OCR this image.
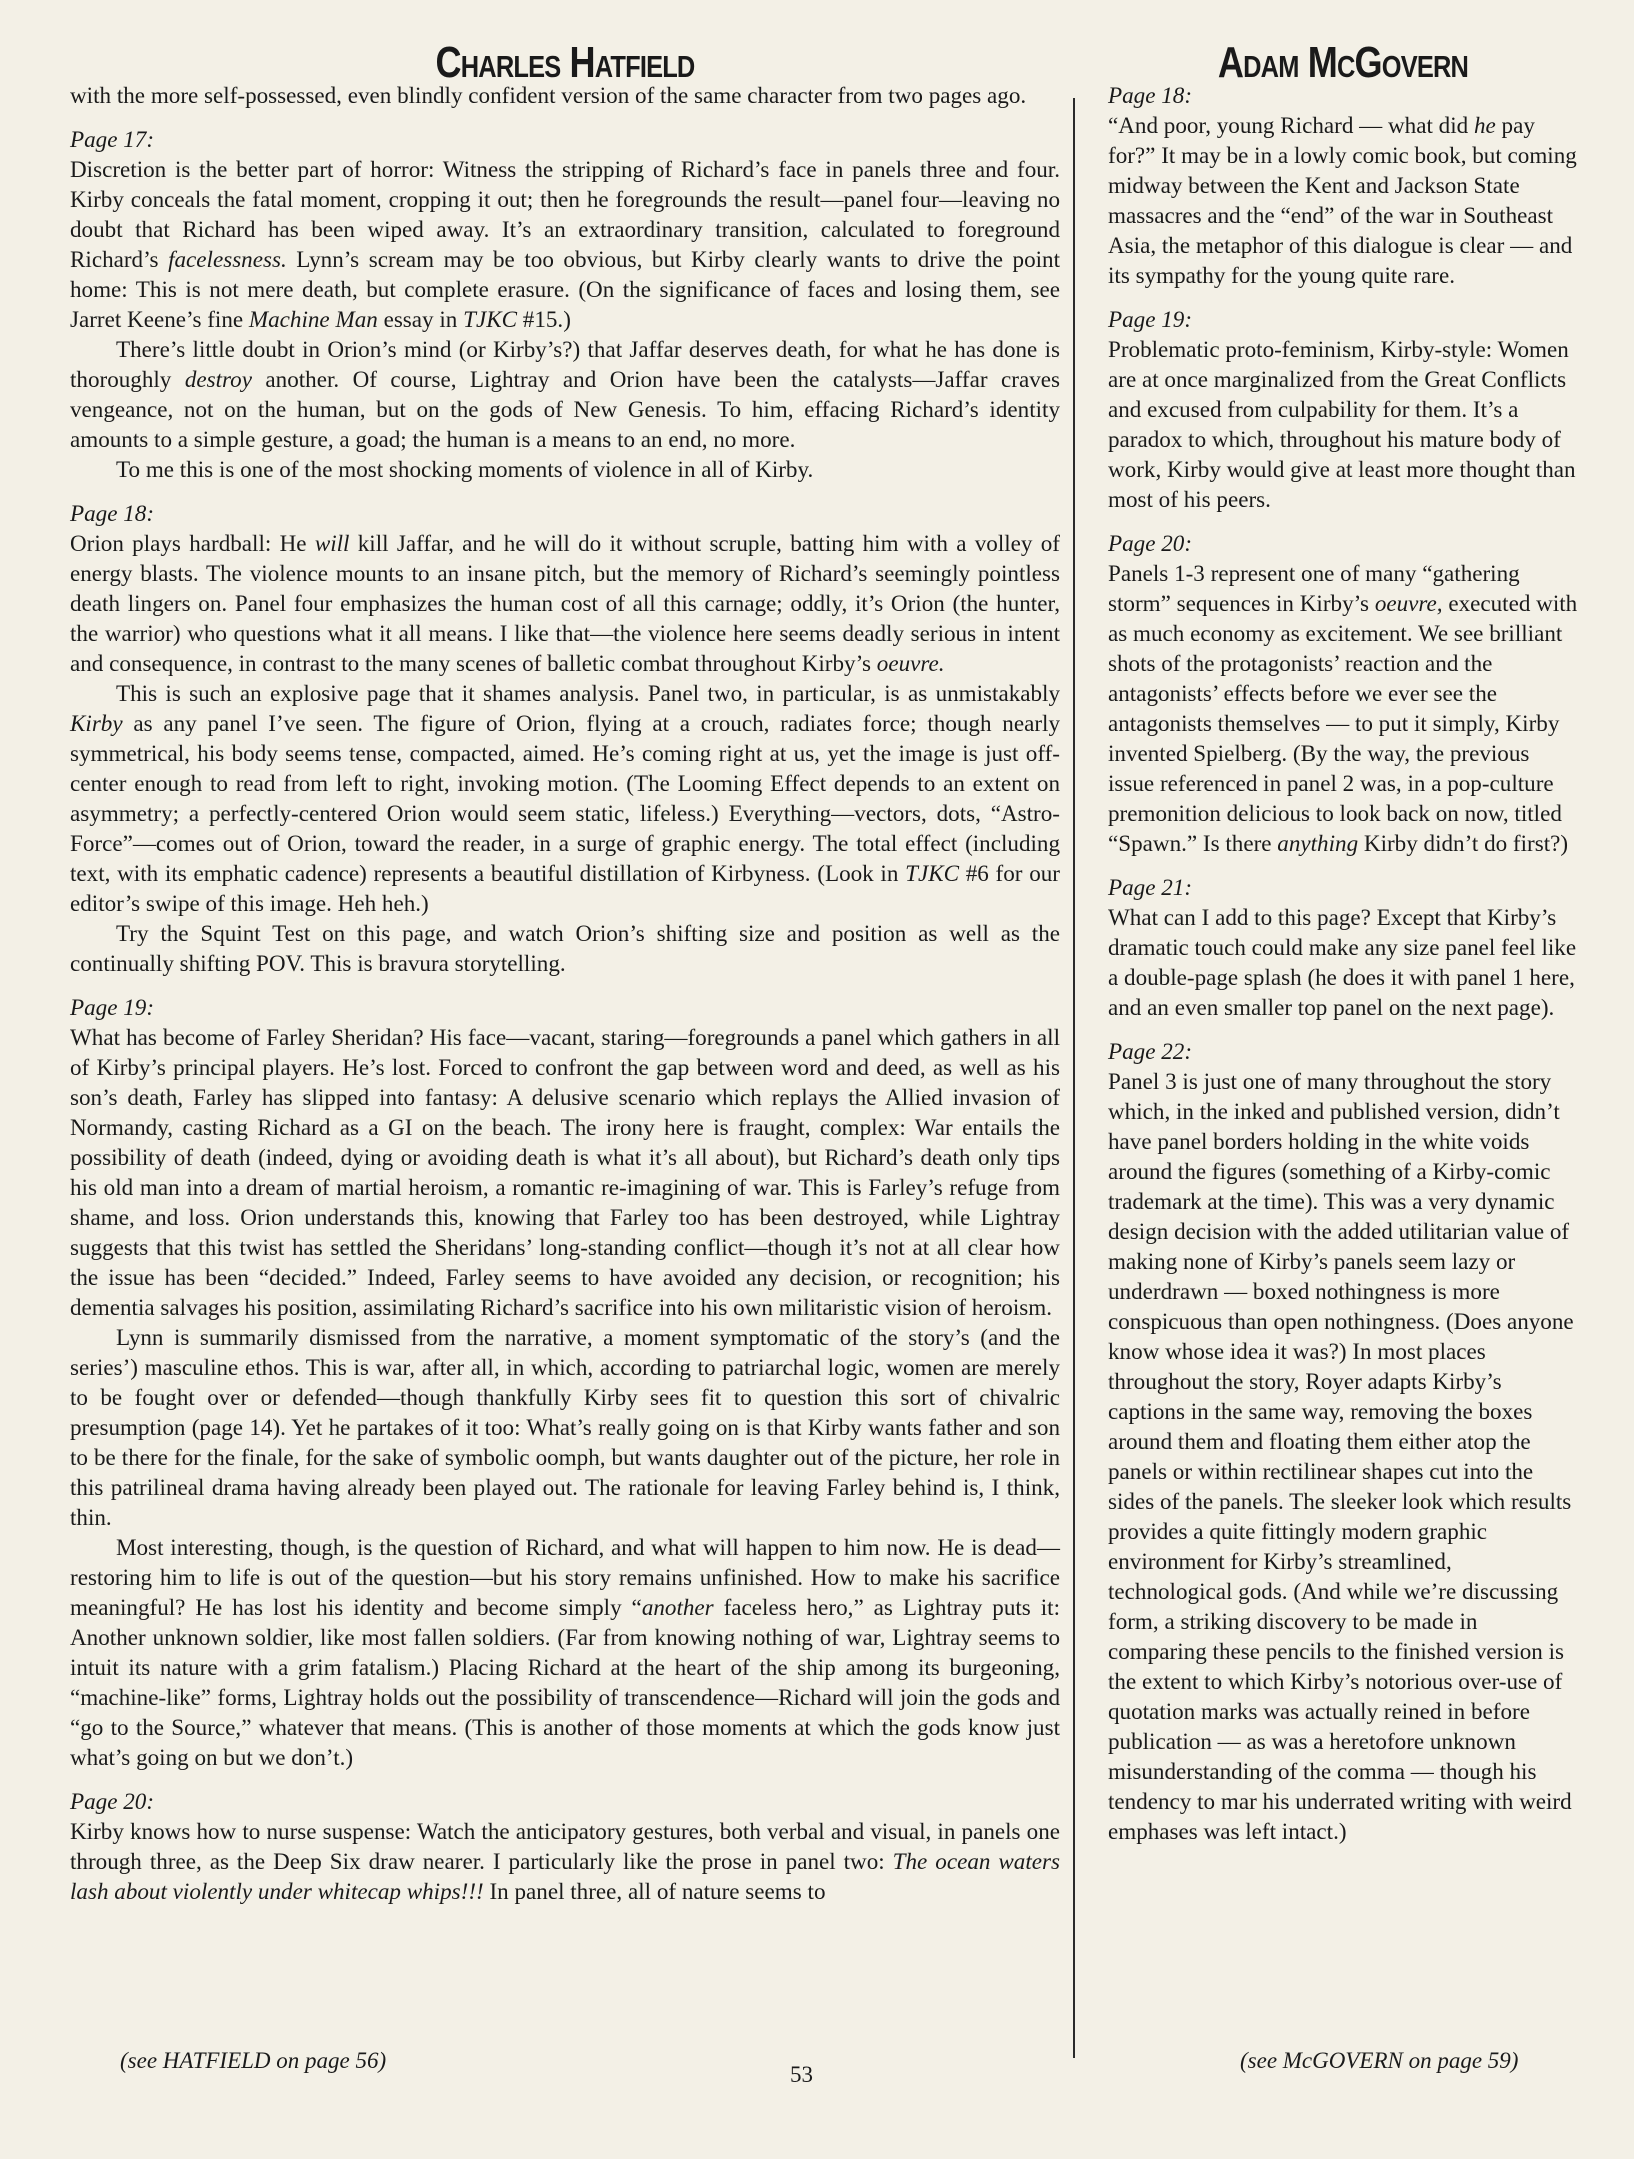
Charles Hatfield

with the more self-possessed, even blindly confident version of the same character from two pages ago.

Page 17:

Discretion is the better part of horror: Witness the stripping of Richard’s face in panels three and four. Kirby conceals the fatal moment, cropping it out; then he foregrounds the result—panel four—leaving no doubt that Richard has been wiped away. It’s an extraordinary transition, calculated to foreground Richard’s facelessness. Lynn’s scream may be too obvious, but Kirby clearly wants to drive the point home: This is not mere death, but complete erasure. (On the significance of faces and losing them, see Jarret Keene’s fine Machine Man essay in TJKC #15.)

There’s little doubt in Orion’s mind (or Kirby’s?) that Jaffar deserves death, for what he has done is thoroughly destroy another. Of course, Lightray and Orion have been the catalysts—Jaffar craves vengeance, not on the human, but on the gods of New Genesis. To him, effacing Richard’s identity amounts to a simple gesture, a goad; the human is a means to an end, no more.

To me this is one of the most shocking moments of violence in all of Kirby.

Page 18:

Orion plays hardball: He will kill Jaffar, and he will do it without scruple, batting him with a volley of energy blasts. The violence mounts to an insane pitch, but the memory of Richard’s seemingly pointless death lingers on. Panel four emphasizes the human cost of all this carnage; oddly, it’s Orion (the hunter, the warrior) who questions what it all means. I like that—the violence here seems deadly serious in intent and consequence, in contrast to the many scenes of balletic combat throughout Kirby’s oeuvre.

This is such an explosive page that it shames analysis. Panel two, in particular, is as unmistakably Kirby as any panel I’ve seen. The figure of Orion, flying at a crouch, radiates force; though nearly symmetrical, his body seems tense, compacted, aimed. He’s coming right at us, yet the image is just off-center enough to read from left to right, invoking motion. (The Looming Effect depends to an extent on asymmetry; a perfectly-centered Orion would seem static, lifeless.) Everything—vectors, dots, “Astro-Force”—comes out of Orion, toward the reader, in a surge of graphic energy. The total effect (including text, with its emphatic cadence) represents a beautiful distillation of Kirbyness. (Look in TJKC #6 for our editor’s swipe of this image. Heh heh.)

Try the Squint Test on this page, and watch Orion’s shifting size and position as well as the continually shifting POV. This is bravura storytelling.

Page 19:

What has become of Farley Sheridan? His face—vacant, staring—foregrounds a panel which gathers in all of Kirby’s principal players. He’s lost. Forced to confront the gap between word and deed, as well as his son’s death, Farley has slipped into fantasy: A delusive scenario which replays the Allied invasion of Normandy, casting Richard as a GI on the beach. The irony here is fraught, complex: War entails the possibility of death (indeed, dying or avoiding death is what it’s all about), but Richard’s death only tips his old man into a dream of martial heroism, a romantic re-imagining of war. This is Farley’s refuge from shame, and loss. Orion understands this, knowing that Farley too has been destroyed, while Lightray suggests that this twist has settled the Sheridans’ long-standing conflict—though it’s not at all clear how the issue has been “decided.” Indeed, Farley seems to have avoided any decision, or recognition; his dementia salvages his position, assimilating Richard’s sacrifice into his own militaristic vision of heroism.

Lynn is summarily dismissed from the narrative, a moment symptomatic of the story’s (and the series’) masculine ethos. This is war, after all, in which, according to patriarchal logic, women are merely to be fought over or defended—though thankfully Kirby sees fit to question this sort of chivalric presumption (page 14). Yet he partakes of it too: What’s really going on is that Kirby wants father and son to be there for the finale, for the sake of symbolic oomph, but wants daughter out of the picture, her role in this patrilineal drama having already been played out. The rationale for leaving Farley behind is, I think, thin.

Most interesting, though, is the question of Richard, and what will happen to him now. He is dead—restoring him to life is out of the question—but his story remains unfinished. How to make his sacrifice meaningful? He has lost his identity and become simply “another faceless hero,” as Lightray puts it: Another unknown soldier, like most fallen soldiers. (Far from knowing nothing of war, Lightray seems to intuit its nature with a grim fatalism.) Placing Richard at the heart of the ship among its burgeoning, “machine-like” forms, Lightray holds out the possibility of transcendence—Richard will join the gods and “go to the Source,” whatever that means. (This is another of those moments at which the gods know just what’s going on but we don’t.)

Page 20:

Kirby knows how to nurse suspense: Watch the anticipatory gestures, both verbal and visual, in panels one through three, as the Deep Six draw nearer. I particularly like the prose in panel two: The ocean waters lash about violently under whitecap whips!!! In panel three, all of nature seems to

Adam McGovern

Page 18:

“And poor, young Richard — what did he pay for?” It may be in a lowly comic book, but coming midway between the Kent and Jackson State massacres and the “end” of the war in Southeast Asia, the metaphor of this dialogue is clear — and its sympathy for the young quite rare.

Page 19:

Problematic proto-feminism, Kirby-style: Women are at once marginalized from the Great Conflicts and excused from culpability for them. It’s a paradox to which, throughout his mature body of work, Kirby would give at least more thought than most of his peers.

Page 20:

Panels 1-3 represent one of many “gathering storm” sequences in Kirby’s oeuvre, executed with as much economy as excitement. We see brilliant shots of the protagonists’ reaction and the antagonists’ effects before we ever see the antagonists themselves — to put it simply, Kirby invented Spielberg. (By the way, the previous issue referenced in panel 2 was, in a pop-culture premonition delicious to look back on now, titled “Spawn.” Is there anything Kirby didn’t do first?)

Page 21:

What can I add to this page? Except that Kirby’s dramatic touch could make any size panel feel like a double-page splash (he does it with panel 1 here, and an even smaller top panel on the next page).

Page 22:

Panel 3 is just one of many throughout the story which, in the inked and published version, didn’t have panel borders holding in the white voids around the figures (something of a Kirby-comic trademark at the time). This was a very dynamic design decision with the added utilitarian value of making none of Kirby’s panels seem lazy or underdrawn — boxed nothingness is more conspicuous than open nothingness. (Does anyone know whose idea it was?) In most places throughout the story, Royer adapts Kirby’s captions in the same way, removing the boxes around them and floating them either atop the panels or within rectilinear shapes cut into the sides of the panels. The sleeker look which results provides a quite fittingly modern graphic environment for Kirby’s streamlined, technological gods. (And while we’re discussing form, a striking discovery to be made in comparing these pencils to the finished version is the extent to which Kirby’s notorious over-use of quotation marks was actually reined in before publication — as was a heretofore unknown misunderstanding of the comma — though his tendency to mar his underrated writing with weird emphases was left intact.)

(see HATFIELD on page 56)
53
(see McGOVERN on page 59)
